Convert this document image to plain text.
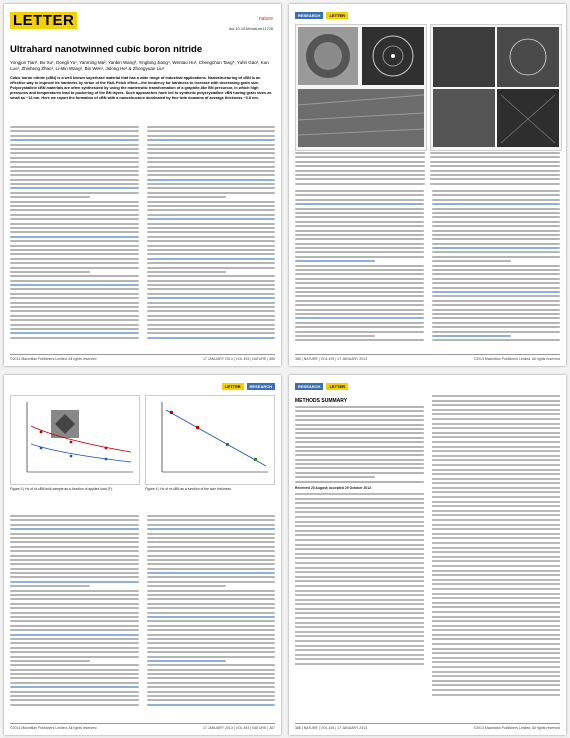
LETTER	nature
doi:10.1038/nature11728
Ultrahard nanotwinned cubic boron nitride
Yongjun Tian¹, Bo Xu¹, Dongli Yu¹, Yanming Ma², Yanbin Wang³, Yingbing Jiang⁴, Wentao Hu¹, Chengchun Tang⁵, Yufei Gao¹, Kun Luo¹, Zhisheng Zhao¹, Li-Min Wang¹, Bin Wen¹, Julong He¹ & Zhongyuan Liu¹
Cubic boron nitride (cBN) is a well known superhard material that has a wide range of industrial applications. Nanostructuring of cBN is an effective way to improve its hardness by virtue of the Hall–Petch effect—the tendency for hardness to increase with decreasing grain size. Polycrystalline cBN materials are often synthesized by using the martensitic transformation of a graphite-like BN precursor, in which high pressures and temperatures lead to puckering of the BN layers. Such approaches have led to synthetic polycrystalline cBN having grain sizes as small as ~14 nm. Here we report the formation of cBN with a nanostructure dominated by fine twin domains of average thickness ~3.8 nm.
©2013 Macmillan Publishers Limited. All rights reserved	17 JANUARY 2013 | VOL 493 | NATURE | 385
RESEARCH	LETTER
386 | NATURE | VOL 493 | 17 JANUARY 2013	©2013 Macmillan Publishers Limited. All rights reserved
LETTER	RESEARCH
Figure 3 | Hv of nt-cBN bulk sample as a function of applied load (F).	Figure 4 | Hv of nt-cBN as a function of the twin thickness.
©2013 Macmillan Publishers Limited. All rights reserved	17 JANUARY 2013 | VOL 493 | NATURE | 387
RESEARCH	LETTER
METHODS SUMMARY
Received 20 August; accepted 29 October 2012.
388 | NATURE | VOL 493 | 17 JANUARY 2013	©2013 Macmillan Publishers Limited. All rights reserved
